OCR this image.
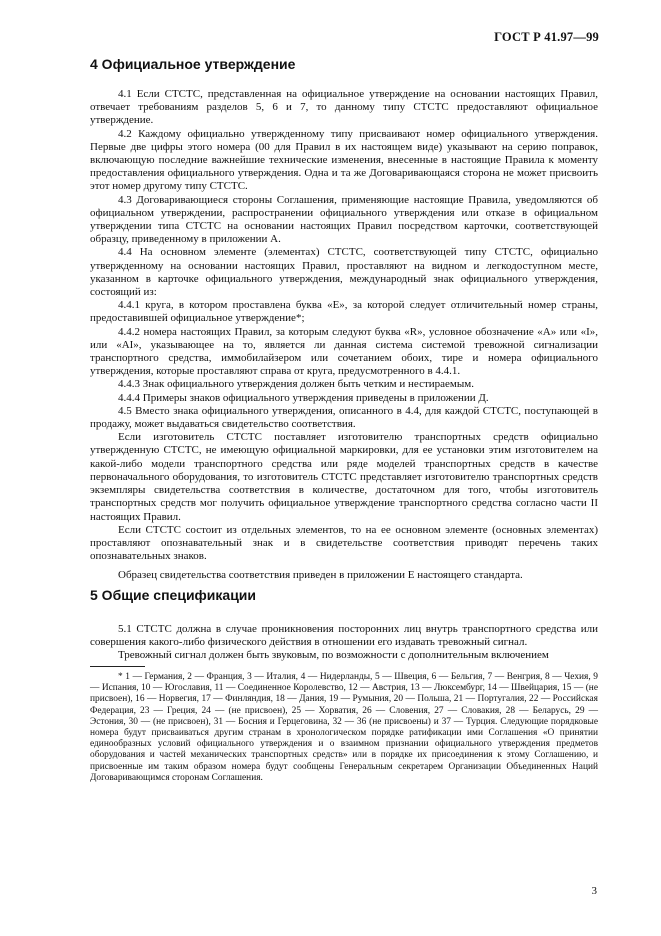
ГОСТ Р 41.97—99
4 Официальное утверждение

4.1 Если СТСТС, представленная на официальное утверждение на основании настоящих Правил, отвечает требованиям разделов 5, 6 и 7, то данному типу СТСТС предоставляют официальное утверждение.

4.2 Каждому официально утвержденному типу присваивают номер официального утверждения. Первые две цифры этого номера (00 для Правил в их настоящем виде) указывают на серию поправок, включающую последние важнейшие технические изменения, внесенные в настоящие Правила к моменту предоставления официального утверждения. Одна и та же Договаривающаяся сторона не может присвоить этот номер другому типу СТСТС.

4.3 Договаривающиеся стороны Соглашения, применяющие настоящие Правила, уведомляются об официальном утверждении, распространении официального утверждения или отказе в официальном утверждении типа СТСТС на основании настоящих Правил посредством карточки, соответствующей образцу, приведенному в приложении А.

4.4 На основном элементе (элементах) СТСТС, соответствующей типу СТСТС, официально утвержденному на основании настоящих Правил, проставляют на видном и легкодоступном месте, указанном в карточке официального утверждения, международный знак официального утверждения, состоящий из:

4.4.1 круга, в котором проставлена буква «Е», за которой следует отличительный номер страны, предоставившей официальное утверждение*;

4.4.2 номера настоящих Правил, за которым следуют буква «R», условное обозначение «А» или «I», или «AI», указывающее на то, является ли данная система системой тревожной сигнализации транспортного средства, иммобилайзером или сочетанием обоих, тире и номера официального утверждения, которые проставляют справа от круга, предусмотренного в 4.4.1.

4.4.3 Знак официального утверждения должен быть четким и нестираемым.

4.4.4 Примеры знаков официального утверждения приведены в приложении Д.

4.5 Вместо знака официального утверждения, описанного в 4.4, для каждой СТСТС, поступающей в продажу, может выдаваться свидетельство соответствия.

Если изготовитель СТСТС поставляет изготовителю транспортных средств официально утвержденную СТСТС, не имеющую официальной маркировки, для ее установки этим изготовителем на какой-либо модели транспортного средства или ряде моделей транспортных средств в качестве первоначального оборудования, то изготовитель СТСТС представляет изготовителю транспортных средств экземпляры свидетельства соответствия в количестве, достаточном для того, чтобы изготовитель транспортных средств мог получить официальное утверждение транспортного средства согласно части II настоящих Правил.

Если СТСТС состоит из отдельных элементов, то на ее основном элементе (основных элементах) проставляют опознавательный знак и в свидетельстве соответствия приводят перечень таких опознавательных знаков.

Образец свидетельства соответствия приведен в приложении Е настоящего стандарта.

5 Общие спецификации

5.1 СТСТС должна в случае проникновения посторонних лиц внутрь транспортного средства или совершения какого-либо физического действия в отношении его издавать тревожный сигнал.

Тревожный сигнал должен быть звуковым, по возможности с дополнительным включением

* 1 — Германия, 2 — Франция, 3 — Италия, 4 — Нидерланды, 5 — Швеция, 6 — Бельгия, 7 — Венгрия, 8 — Чехия, 9 — Испания, 10 — Югославия, 11 — Соединенное Королевство, 12 — Австрия, 13 — Люксембург, 14 — Швейцария, 15 — (не присвоен), 16 — Норвегия, 17 — Финляндия, 18 — Дания, 19 — Румыния, 20 — Польша, 21 — Португалия, 22 — Российская Федерация, 23 — Греция, 24 — (не присвоен), 25 — Хорватия, 26 — Словения, 27 — Словакия, 28 — Беларусь, 29 — Эстония, 30 — (не присвоен), 31 — Босния и Герцеговина, 32 — 36 (не присвоены) и 37 — Турция. Следующие порядковые номера будут присваиваться другим странам в хронологическом порядке ратификации ими Соглашения «О принятии единообразных условий официального утверждения и о взаимном признании официального утверждения предметов оборудования и частей механических транспортных средств» или в порядке их присоединения к этому Соглашению, и присвоенные им таким образом номера будут сообщены Генеральным секретарем Организации Объединенных Наций Договаривающимся сторонам Соглашения.

3
